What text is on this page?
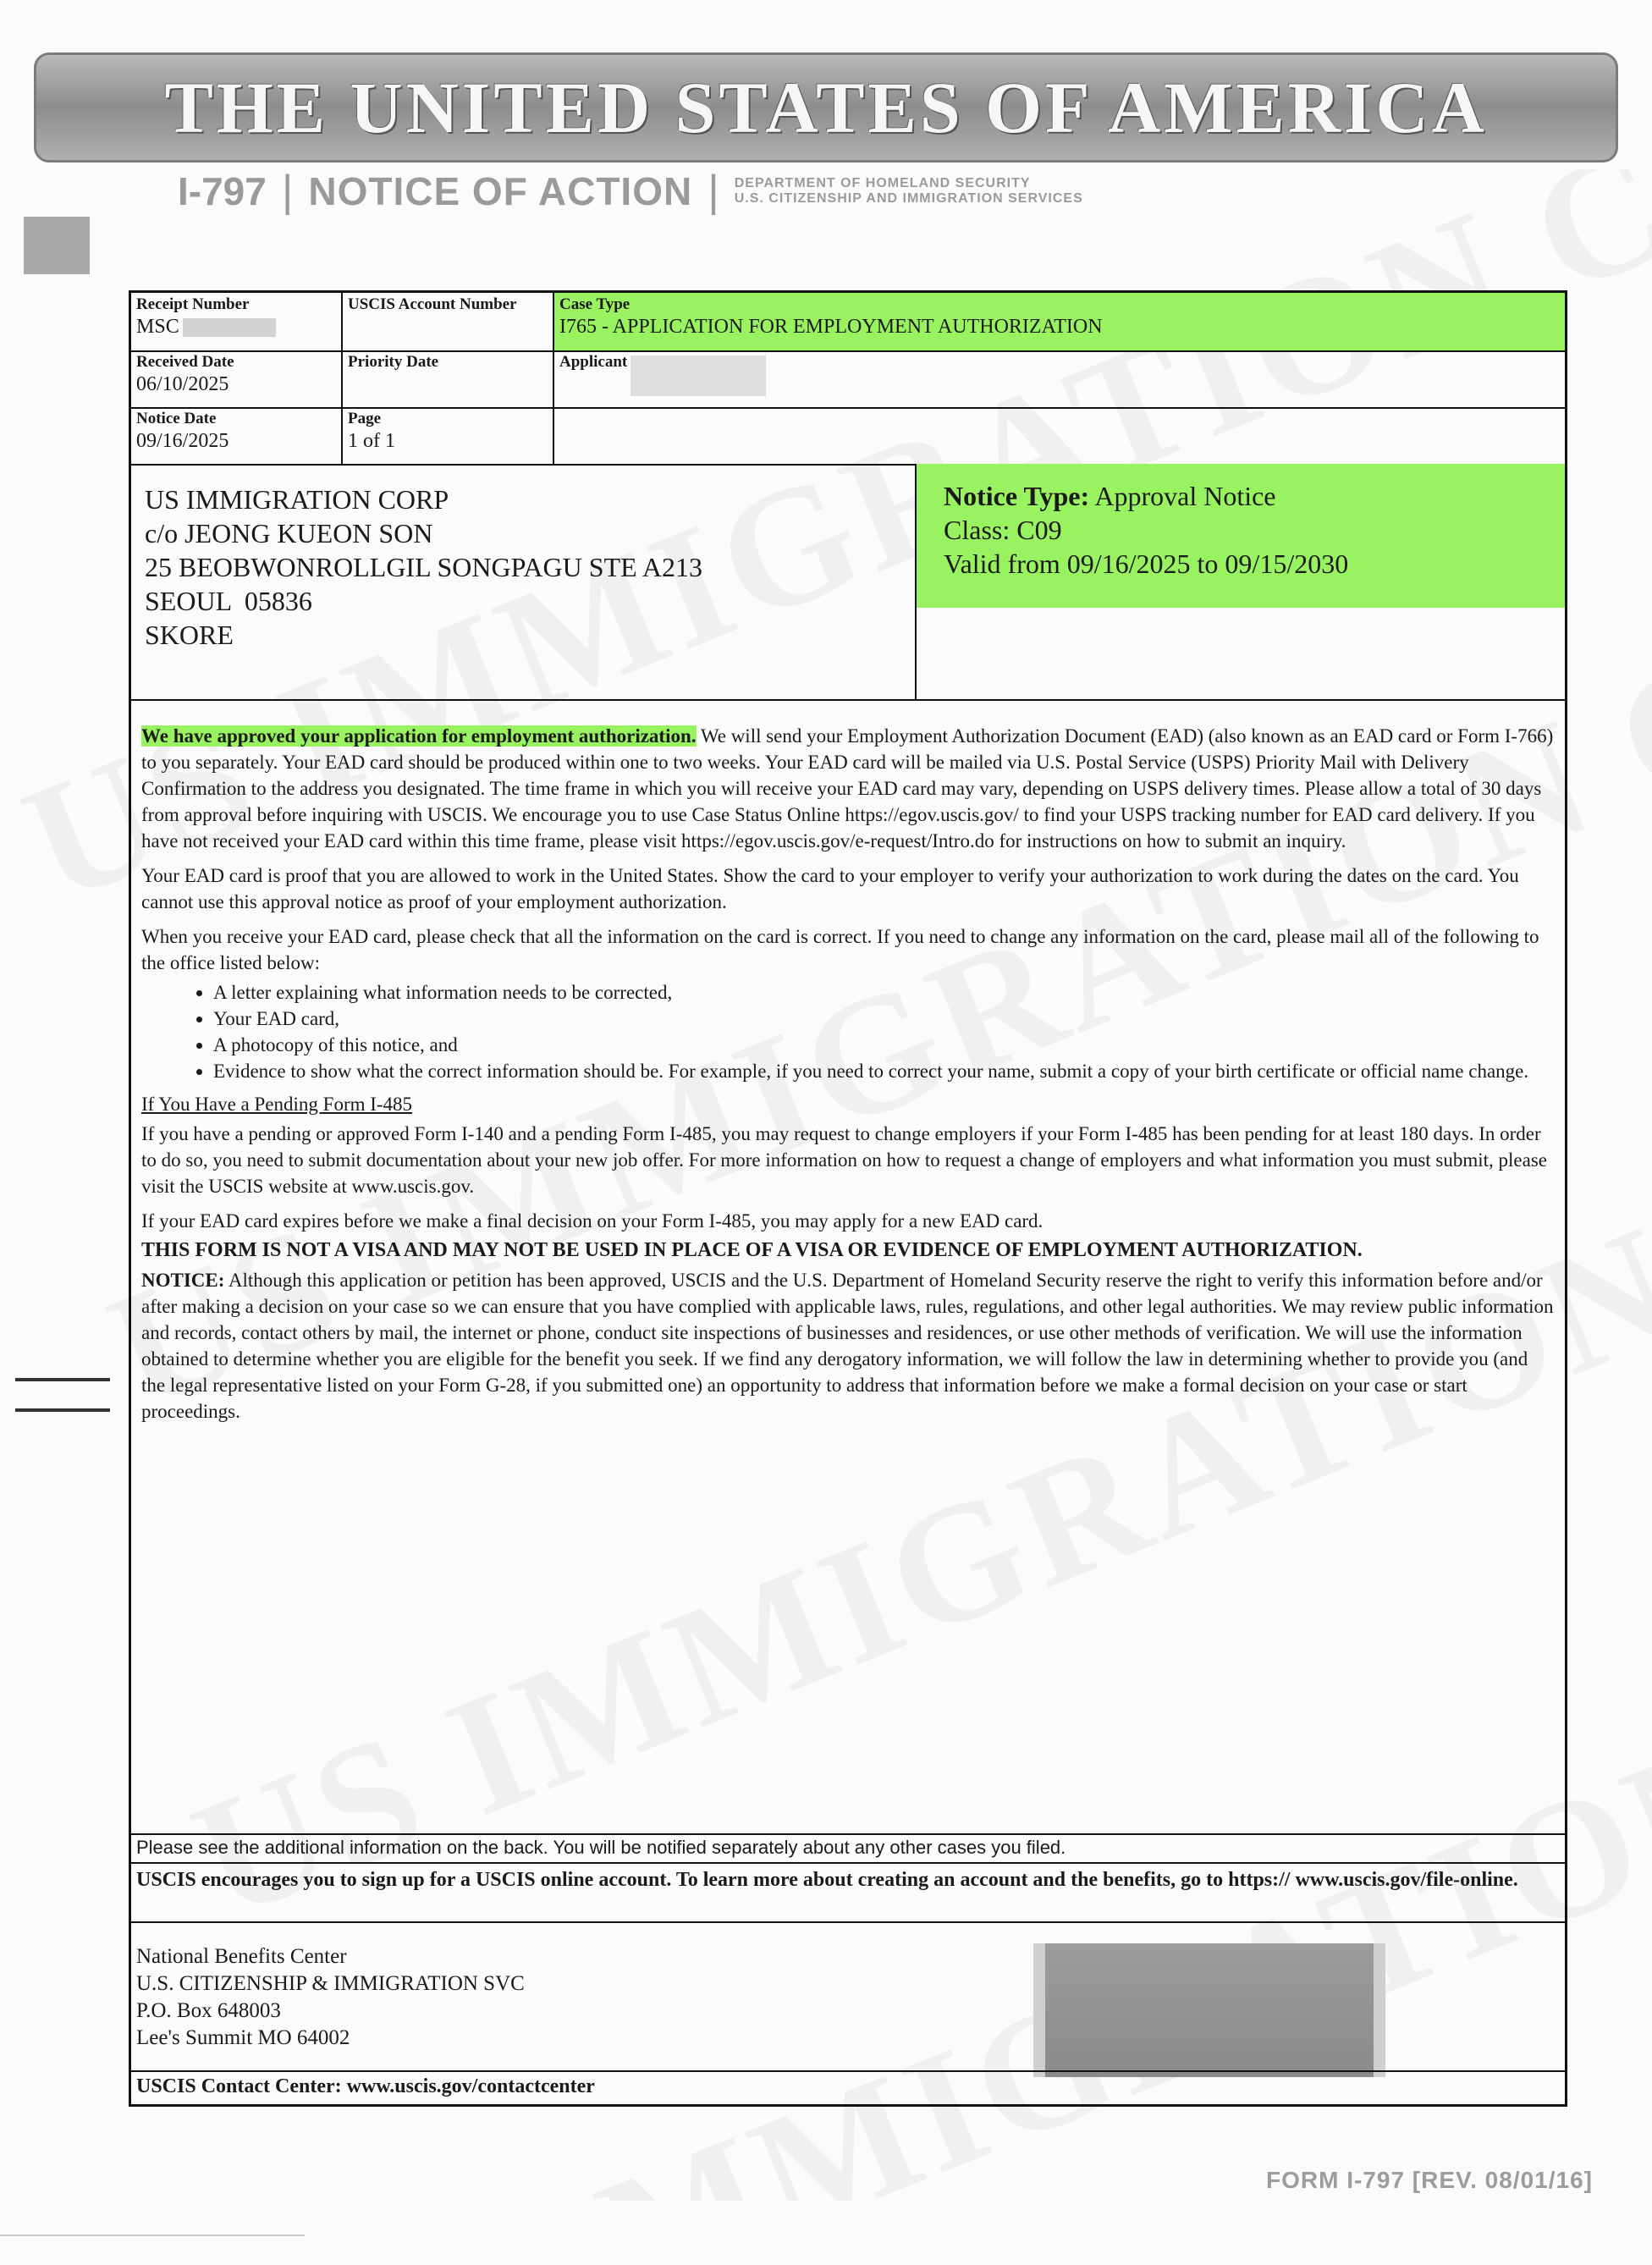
THE UNITED STATES OF AMERICA
I-797 | NOTICE OF ACTION | DEPARTMENT OF HOMELAND SECURITY
U.S. CITIZENSHIP AND IMMIGRATION SERVICES
Receipt Number
MSC
USCIS Account Number	Case Type
I765 - APPLICATION FOR EMPLOYMENT AUTHORIZATION
Received Date
06/10/2025
Priority Date	Applicant
Notice Date
09/16/2025
Page
1 of 1
US IMMIGRATION CORP
c/o JEONG KUEON SON
25 BEOBWONROLLGIL SONGPAGU STE A213
SEOUL  05836
SKORE
Notice Type: Approval Notice
Class: C09
Valid from 09/16/2025 to 09/15/2030

We have approved your application for employment authorization. We will send your Employment Authorization Document (EAD) (also known as an EAD card or Form I-766) to you separately. Your EAD card should be produced within one to two weeks. Your EAD card will be mailed via U.S. Postal Service (USPS) Priority Mail with Delivery Confirmation to the address you designated. The time frame in which you will receive your EAD card may vary, depending on USPS delivery times. Please allow a total of 30 days from approval before inquiring with USCIS. We encourage you to use Case Status Online https://egov.uscis.gov/ to find your USPS tracking number for EAD card delivery. If you have not received your EAD card within this time frame, please visit https://egov.uscis.gov/e-request/Intro.do for instructions on how to submit an inquiry.

Your EAD card is proof that you are allowed to work in the United States. Show the card to your employer to verify your authorization to work during the dates on the card. You cannot use this approval notice as proof of your employment authorization.

When you receive your EAD card, please check that all the information on the card is correct. If you need to change any information on the card, please mail all of the following to the office listed below:

• A letter explaining what information needs to be corrected,
• Your EAD card,
• A photocopy of this notice, and
• Evidence to show what the correct information should be. For example, if you need to correct your name, submit a copy of your birth certificate or official name change.

If You Have a Pending Form I-485

If you have a pending or approved Form I-140 and a pending Form I-485, you may request to change employers if your Form I-485 has been pending for at least 180 days. In order to do so, you need to submit documentation about your new job offer. For more information on how to request a change of employers and what information you must submit, please visit the USCIS website at www.uscis.gov.

If your EAD card expires before we make a final decision on your Form I-485, you may apply for a new EAD card.

THIS FORM IS NOT A VISA AND MAY NOT BE USED IN PLACE OF A VISA OR EVIDENCE OF EMPLOYMENT AUTHORIZATION.

NOTICE: Although this application or petition has been approved, USCIS and the U.S. Department of Homeland Security reserve the right to verify this information before and/or after making a decision on your case so we can ensure that you have complied with applicable laws, rules, regulations, and other legal authorities. We may review public information and records, contact others by mail, the internet or phone, conduct site inspections of businesses and residences, or use other methods of verification. We will use the information obtained to determine whether you are eligible for the benefit you seek. If we find any derogatory information, we will follow the law in determining whether to provide you (and the legal representative listed on your Form G-28, if you submitted one) an opportunity to address that information before we make a formal decision on your case or start proceedings.

Please see the additional information on the back. You will be notified separately about any other cases you filed.
USCIS encourages you to sign up for a USCIS online account. To learn more about creating an account and the benefits, go to https:// www.uscis.gov/file-online.
National Benefits Center
U.S. CITIZENSHIP & IMMIGRATION SVC
P.O. Box 648003
Lee's Summit MO 64002
USCIS Contact Center: www.uscis.gov/contactcenter
FORM I-797 [REV. 08/01/16]
